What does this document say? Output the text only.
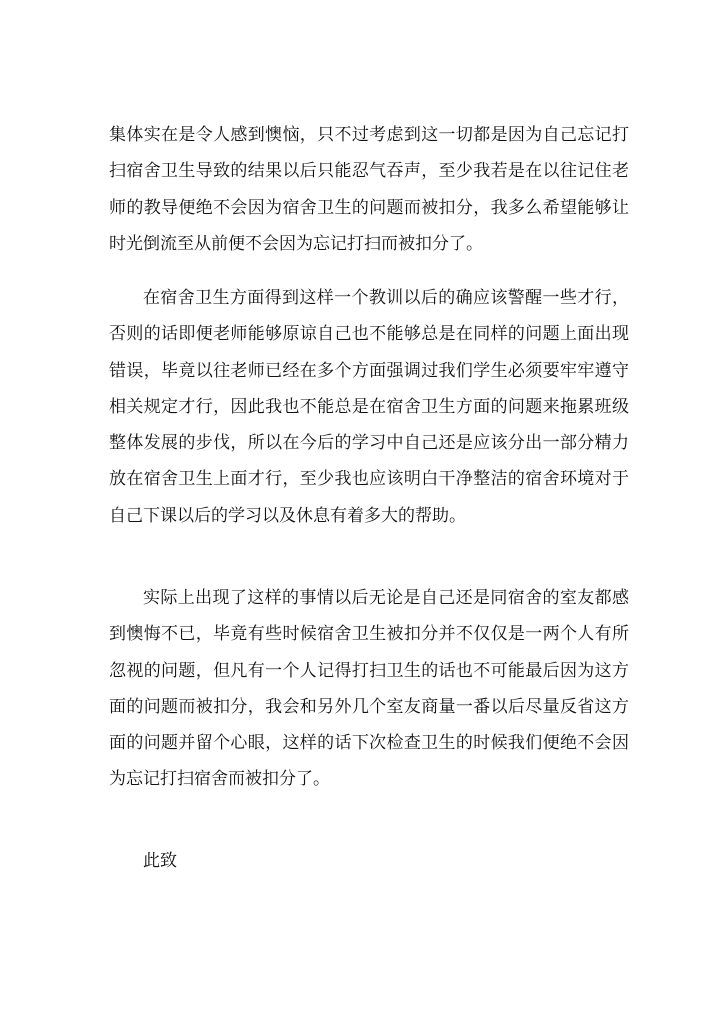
集体实在是令人感到懊恼，只不过考虑到这一切都是因为自己忘记打扫宿舍卫生导致的结果以后只能忍气吞声，至少我若是在以往记住老师的教导便绝不会因为宿舍卫生的问题而被扣分，我多么希望能够让时光倒流至从前便不会因为忘记打扫而被扣分了。

在宿舍卫生方面得到这样一个教训以后的确应该警醒一些才行，否则的话即便老师能够原谅自己也不能够总是在同样的问题上面出现错误，毕竟以往老师已经在多个方面强调过我们学生必须要牢牢遵守相关规定才行，因此我也不能总是在宿舍卫生方面的问题来拖累班级整体发展的步伐，所以在今后的学习中自己还是应该分出一部分精力放在宿舍卫生上面才行，至少我也应该明白干净整洁的宿舍环境对于自己下课以后的学习以及休息有着多大的帮助。

实际上出现了这样的事情以后无论是自己还是同宿舍的室友都感到懊悔不已，毕竟有些时候宿舍卫生被扣分并不仅仅是一两个人有所忽视的问题，但凡有一个人记得打扫卫生的话也不可能最后因为这方面的问题而被扣分，我会和另外几个室友商量一番以后尽量反省这方面的问题并留个心眼，这样的话下次检查卫生的时候我们便绝不会因为忘记打扫宿舍而被扣分了。

此致
